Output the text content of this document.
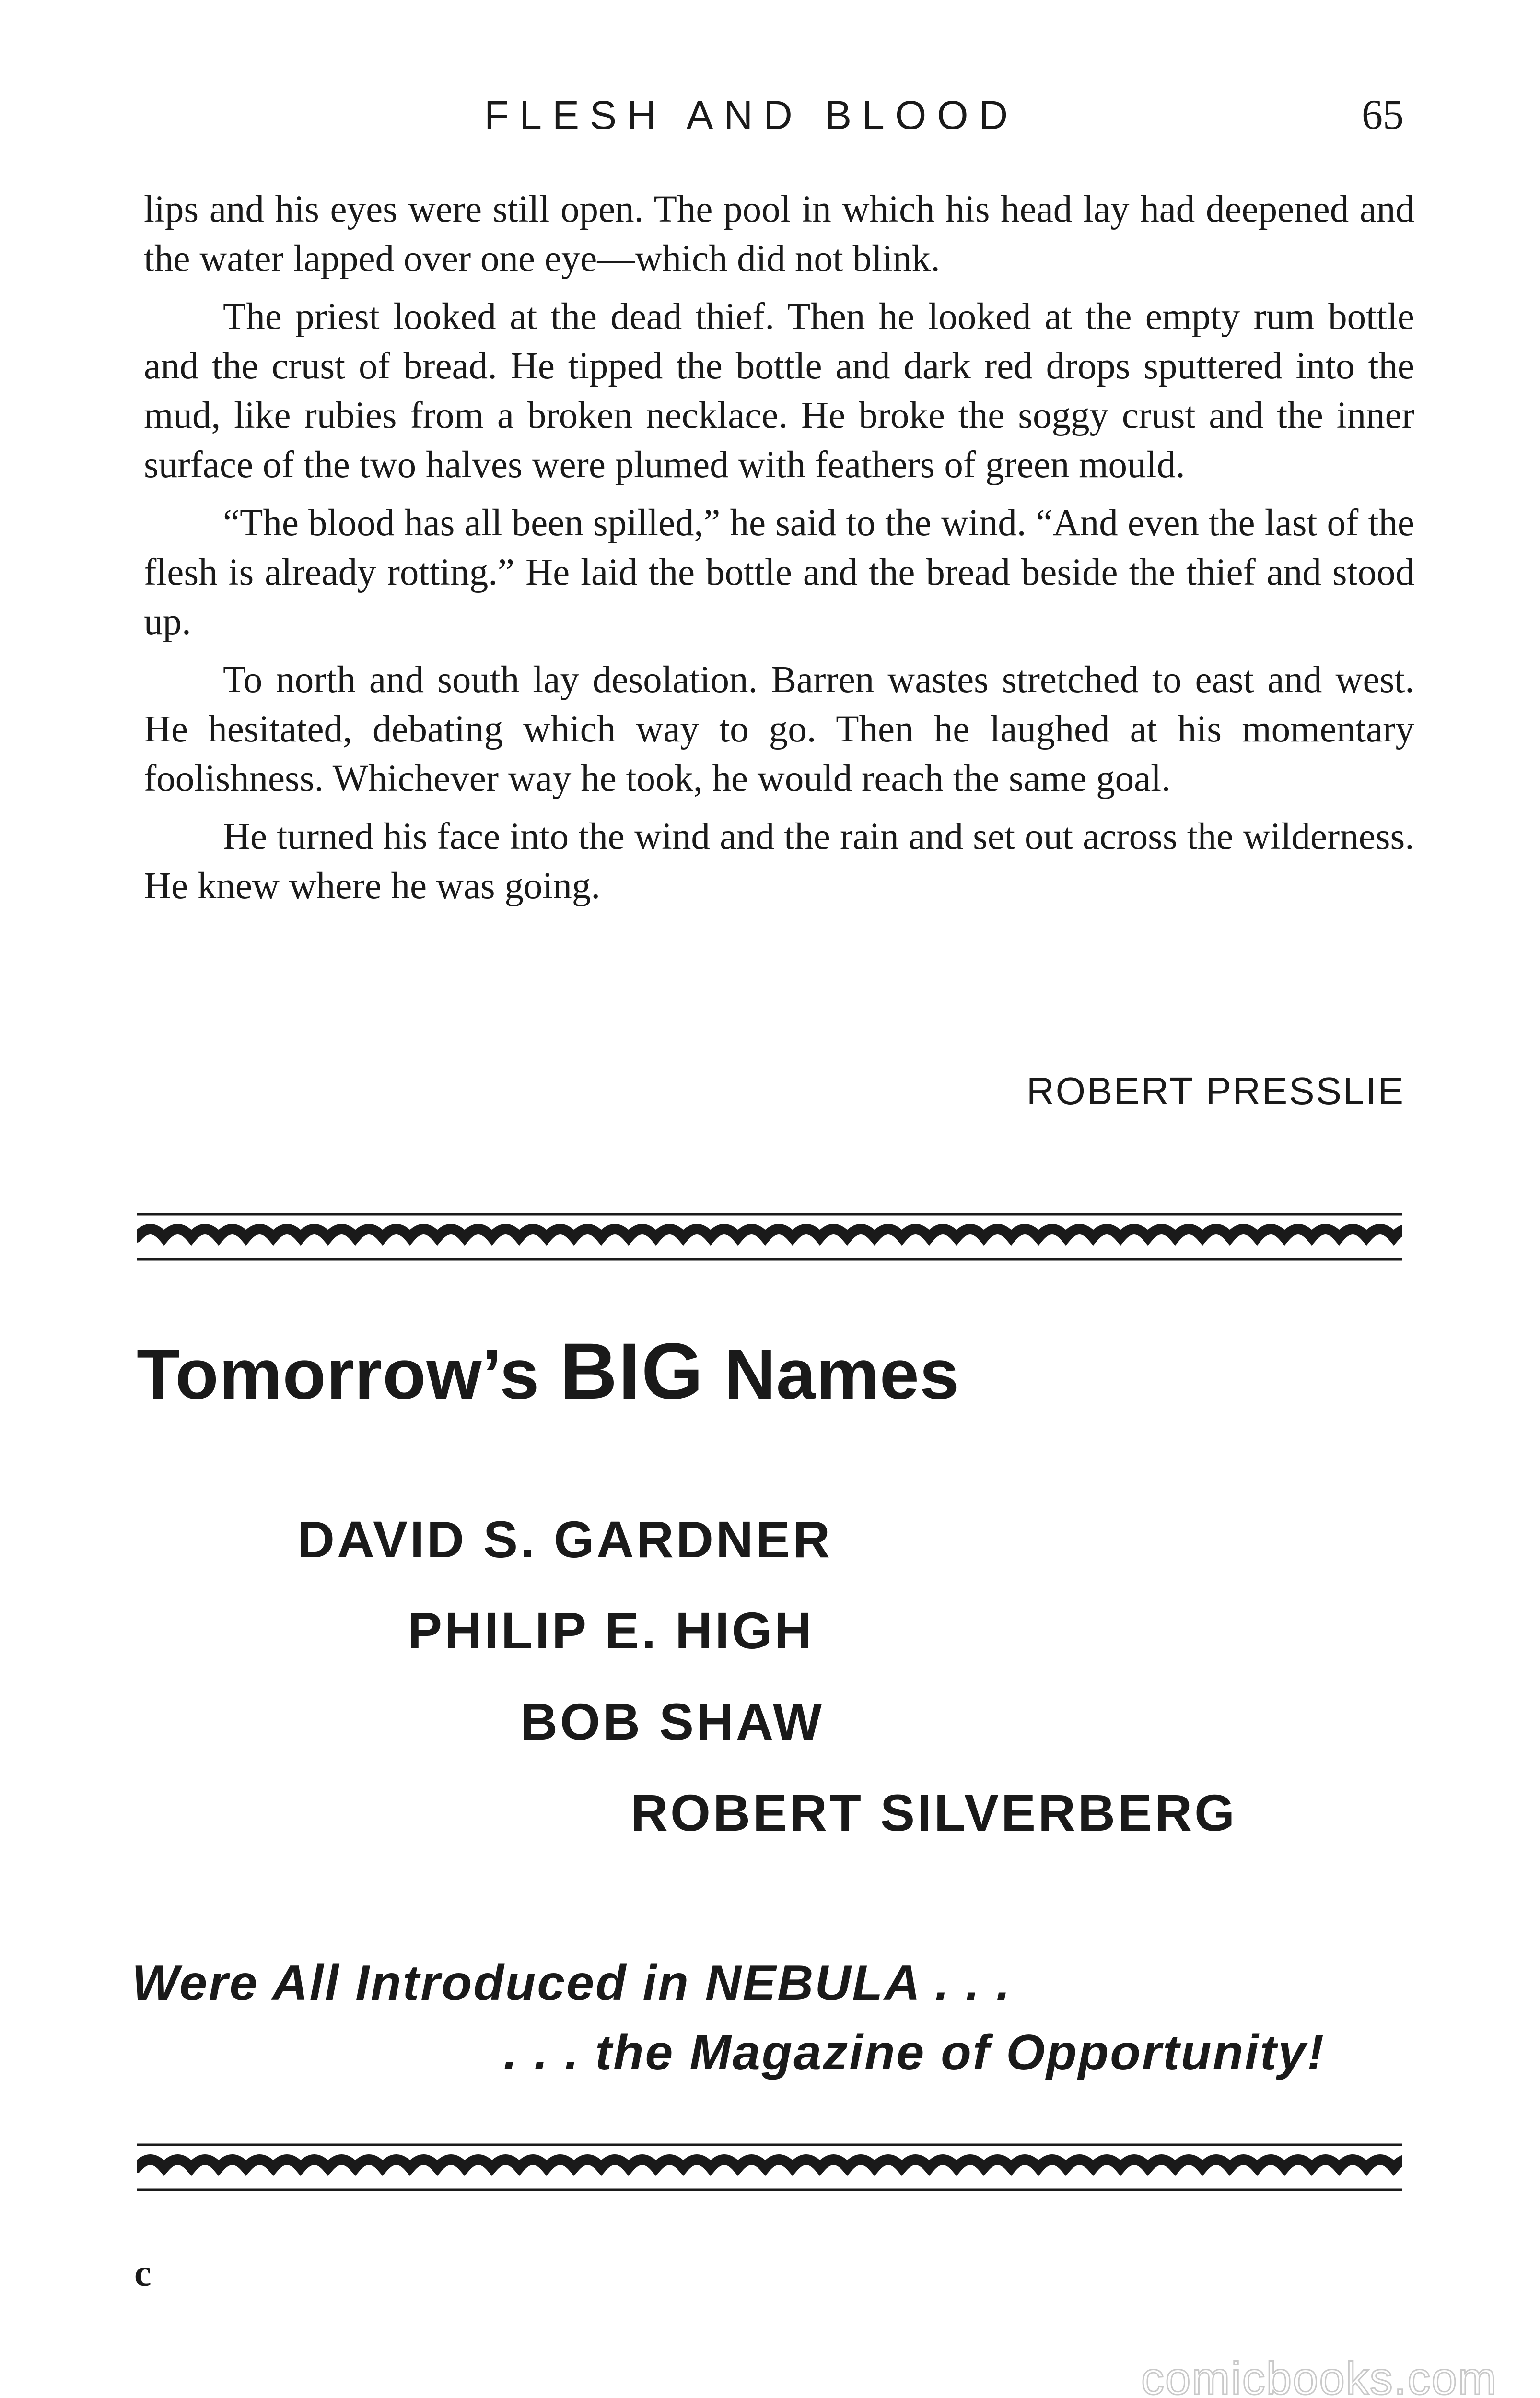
FLESH AND BLOOD	65

lips and his eyes were still open. The pool in which his head lay had deepened and the water lapped over one eye—which did not blink.

The priest looked at the dead thief. Then he looked at the empty rum bottle and the crust of bread. He tipped the bottle and dark red drops sputtered into the mud, like rubies from a broken necklace. He broke the soggy crust and the inner surface of the two halves were plumed with feathers of green mould.

“The blood has all been spilled,” he said to the wind. “And even the last of the flesh is already rotting.” He laid the bottle and the bread beside the thief and stood up.

To north and south lay desolation. Barren wastes stretched to east and west. He hesitated, debating which way to go. Then he laughed at his momentary foolishness. Whichever way he took, he would reach the same goal.

He turned his face into the wind and the rain and set out across the wilderness. He knew where he was going.

ROBERT PRESSLIE
Tomorrow’s BIG Names
DAVID S. GARDNER
PHILIP E. HIGH
BOB SHAW
ROBERT SILVERBERG
Were All Introduced in NEBULA . . .
. . . the Magazine of Opportunity!
c
comicbooks.com
